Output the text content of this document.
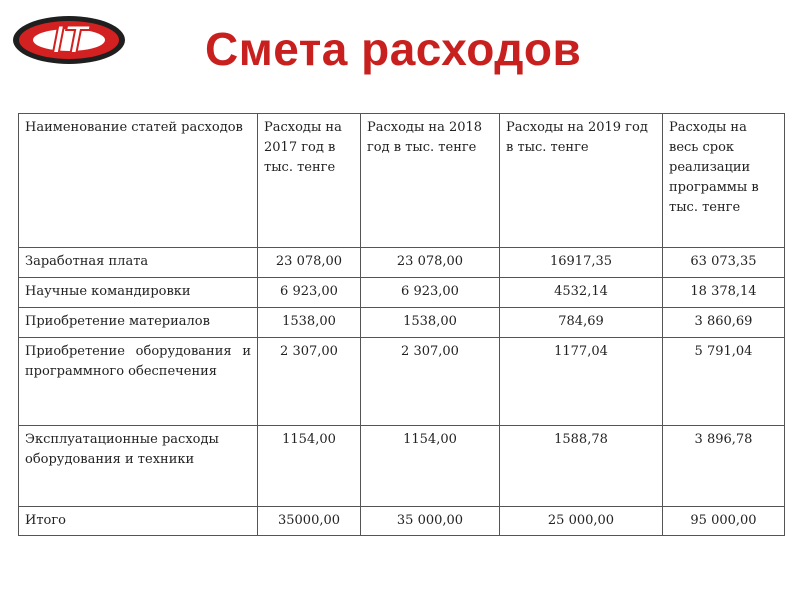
IT	Смета расходов
Наименование статей расходов	Расходы на 2017 год в тыс. тенге	Расходы на 2018 год в тыс. тенге	Расходы на 2019 год в тыс. тенге	Расходы на весь срок реализации программы в тыс. тенге
Заработная плата	23 078,00	23 078,00	16917,35	63 073,35
Научные командировки	6 923,00	6 923,00	4532,14	18 378,14
Приобретение материалов	1538,00	1538,00	784,69	3 860,69

Приобретение оборудования и
программного обеспечения	2 307,00	2 307,00	1177,04	5 791,04
Эксплуатационные расходы оборудования и техники	1154,00	1154,00	1588,78	3 896,78
Итого	35000,00	35 000,00	25 000,00	95 000,00
